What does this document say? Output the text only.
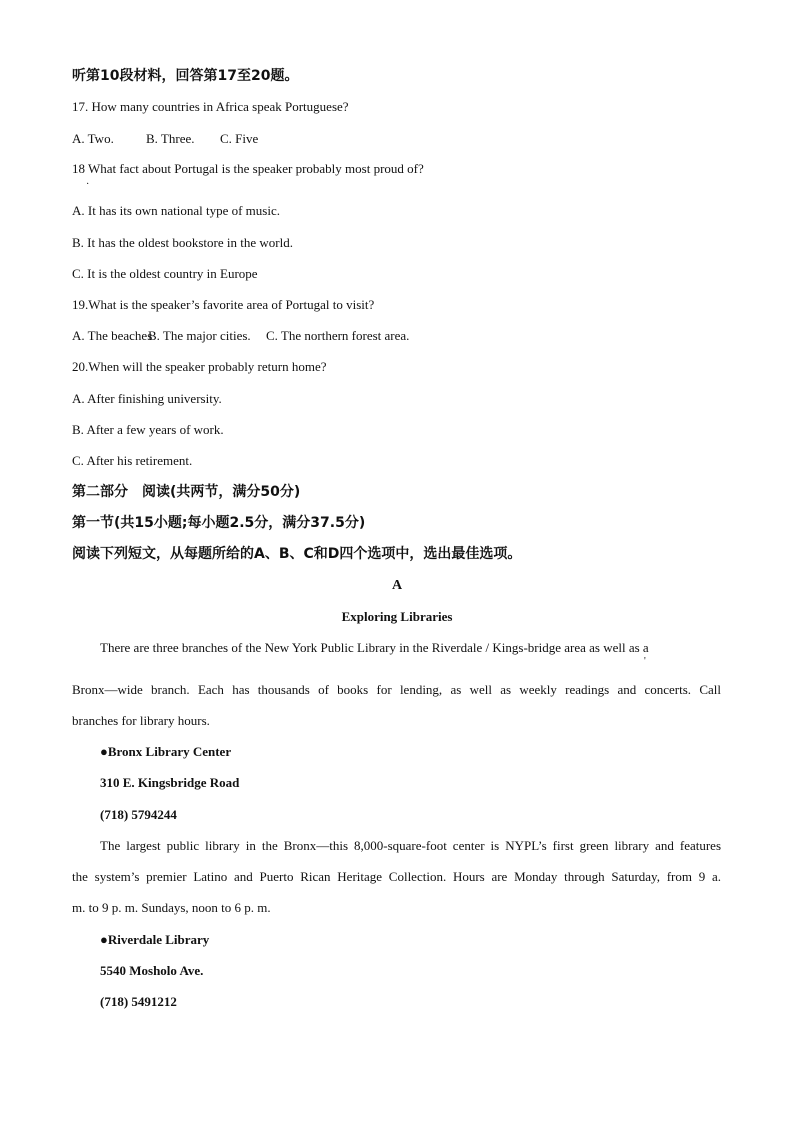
听第10段材料，回答第17至20题。
17. How many countries in Africa speak Portuguese?
A. Two. B. Three. C. Five
18 What fact about Portugal is the speaker probably most proud of?
·
A. It has its own national type of music.
B. It has the oldest bookstore in the world.
C. It is the oldest country in Europe
19.What is the speaker’s favorite area of Portugal to visit?
A. The beachesB. The major cities. C. The northern forest area.
20.When will the speaker probably return home?
A. After finishing university.
B. After a few years of work.
C. After his retirement.
第二部分　阅读(共两节，满分50分)
第一节(共15小题;每小题2.5分，满分37.5分)
阅读下列短文，从每题所给的A、B、C和D四个选项中，选出最佳选项。
A
Exploring Libraries
There are three branches of the New York Public Library in the Riverdale / Kings-bridge area as well as a
'
Bronx—wide branch. Each has thousands of books for lending, as well as weekly readings and concerts. Call
branches for library hours.
●Bronx Library Center
310 E. Kingsbridge Road
(718) 5794244
The largest public library in the Bronx—this 8,000-square-foot center is NYPL’s first green library and features
the system’s premier Latino and Puerto Rican Heritage Collection. Hours are Monday through Saturday, from 9 a.
m. to 9 p. m. Sundays, noon to 6 p. m.
●Riverdale Library
5540 Mosholo Ave.
(718) 5491212
